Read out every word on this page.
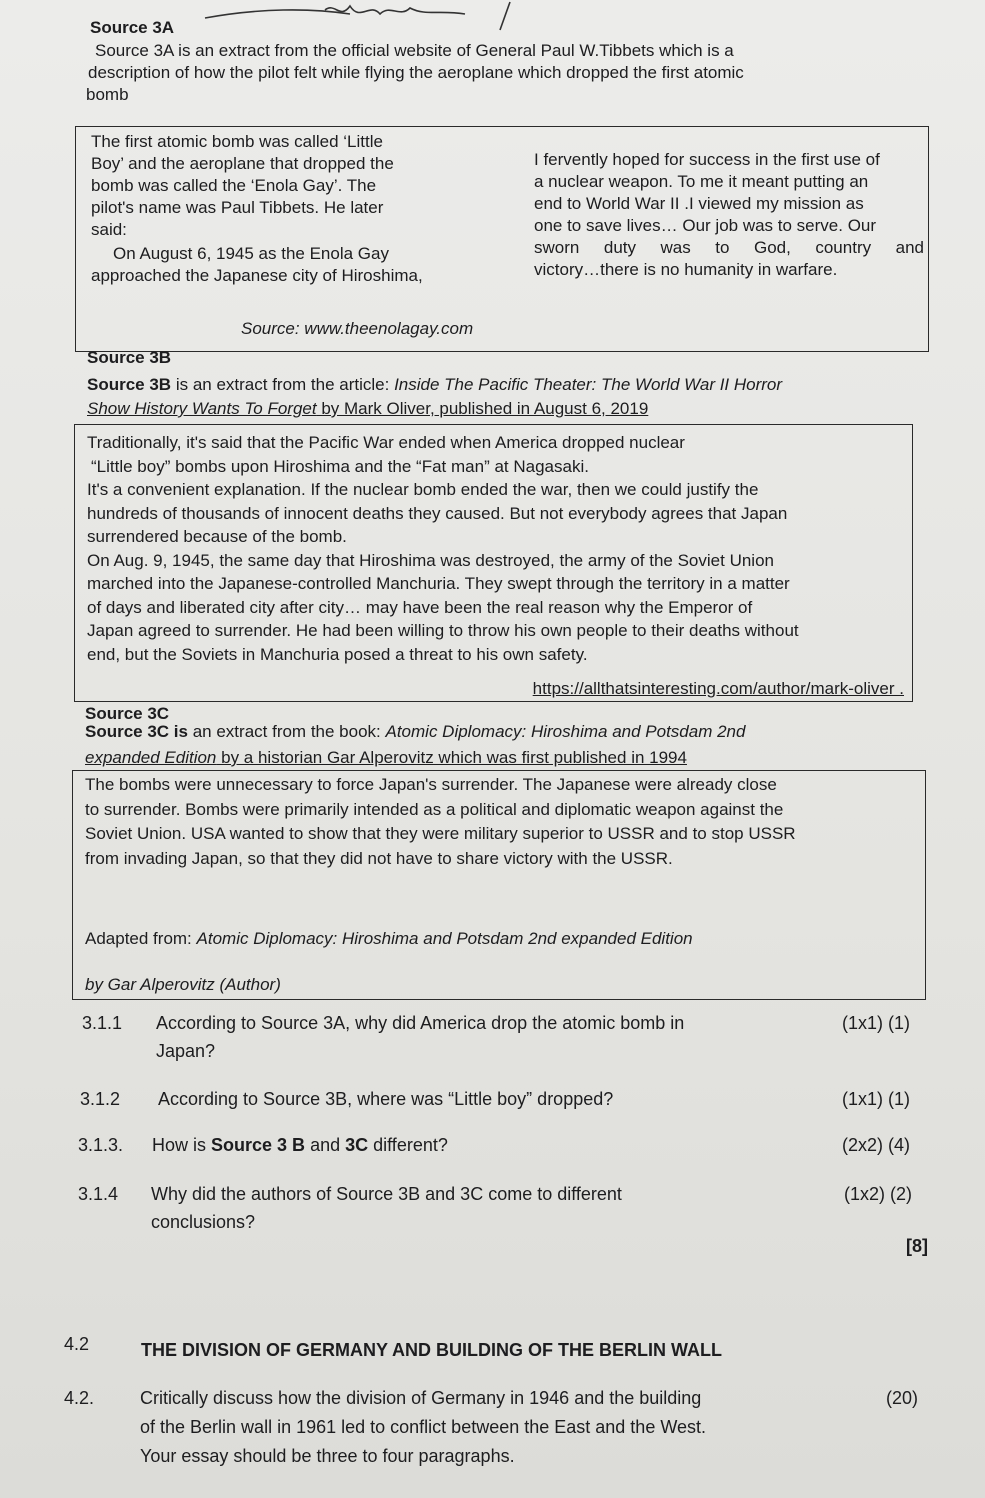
Source 3A
Source 3A is an extract from the official website of General Paul W.Tibbets which is a
description of how the pilot felt while flying the aeroplane which dropped the first atomic
bomb
The first atomic bomb was called ‘Little
Boy’ and the aeroplane that dropped the
bomb was called the ‘Enola Gay’. The
pilot's name was Paul Tibbets. He later
said:
On August 6, 1945 as the Enola Gay
approached the Japanese city of Hiroshima,
I fervently hoped for success in the first use of
a nuclear weapon. To me it meant putting an
end to World War II .I viewed my mission as
one to save lives… Our job was to serve. Our
sworn duty was to God, country and
victory…there is no humanity in warfare.
Source: www.theenolagay.com
Source 3B
Source 3B is an extract from the article: Inside The Pacific Theater: The World War II Horror
Show History Wants To Forget by Mark Oliver, published in August 6, 2019
Traditionally, it's said that the Pacific War ended when America dropped nuclear
“Little boy” bombs upon Hiroshima and the “Fat man” at Nagasaki.
It's a convenient explanation. If the nuclear bomb ended the war, then we could justify the
hundreds of thousands of innocent deaths they caused. But not everybody agrees that Japan
surrendered because of the bomb.
On Aug. 9, 1945, the same day that Hiroshima was destroyed, the army of the Soviet Union
marched into the Japanese-controlled Manchuria. They swept through the territory in a matter
of days and liberated city after city… may have been the real reason why the Emperor of
Japan agreed to surrender. He had been willing to throw his own people to their deaths without
end, but the Soviets in Manchuria posed a threat to his own safety.
https://allthatsinteresting.com/author/mark-oliver .
Source 3C
Source 3C is an extract from the book: Atomic Diplomacy: Hiroshima and Potsdam 2nd
expanded Edition by a historian Gar Alperovitz which was first published in 1994
The bombs were unnecessary to force Japan's surrender. The Japanese were already close
to surrender. Bombs were primarily intended as a political and diplomatic weapon against the
Soviet Union. USA wanted to show that they were military superior to USSR and to stop USSR
from invading Japan, so that they did not have to share victory with the USSR.
Adapted from: Atomic Diplomacy: Hiroshima and Potsdam 2nd expanded Edition
by Gar Alperovitz (Author)
3.1.1 According to Source 3A, why did America drop the atomic bomb in
Japan?
(1x1) (1)
3.1.2 According to Source 3B, where was “Little boy” dropped?	(1x1) (1)
3.1.3. How is Source 3 B and 3C different?	(2x2) (4)
3.1.4 Why did the authors of Source 3B and 3C come to different
conclusions?
(1x2) (2)
[8]
4.2	THE DIVISION OF GERMANY AND BUILDING OF THE BERLIN WALL
4.2.	Critically discuss how the division of Germany in 1946 and the building
of the Berlin wall in 1961 led to conflict between the East and the West.
Your essay should be three to four paragraphs.
(20)
